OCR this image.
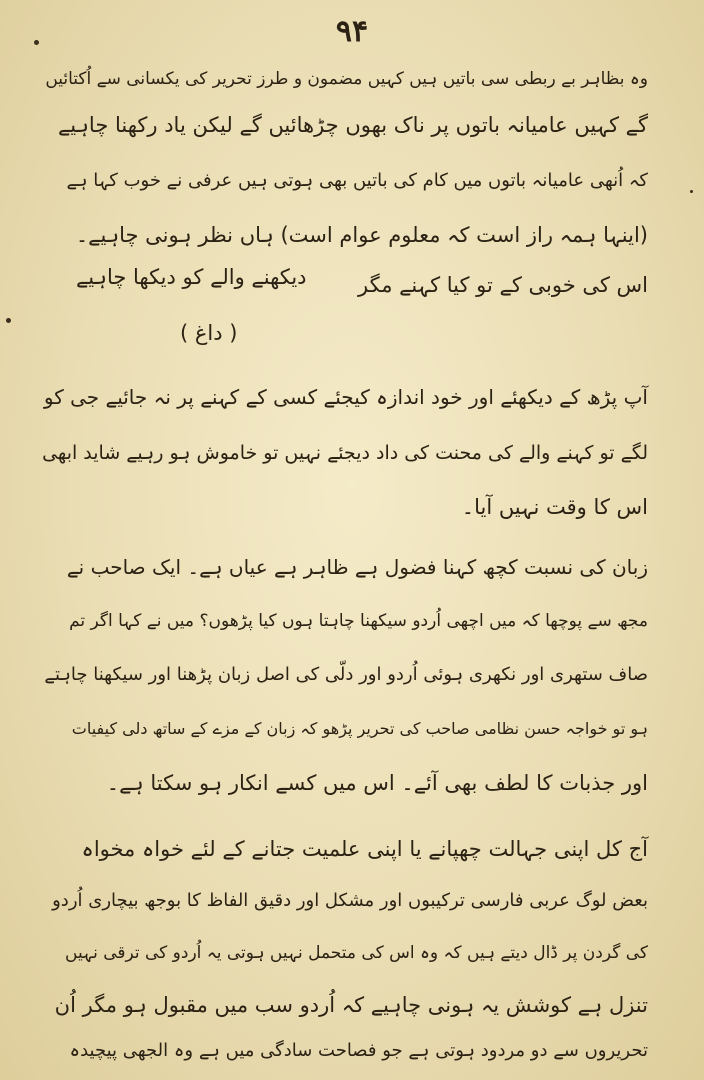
۹۴
وہ بظاہر بے ربطی سی باتیں ہیں کہیں مضمون و طرز تحریر کی یکسانی سے اُکتائیں
گے کہیں عامیانہ باتوں پر ناک بھوں چڑھائیں گے لیکن یاد رکھنا چاہیے
کہ اُنھی عامیانہ باتوں میں کام کی باتیں بھی ہوتی ہیں عرفی نے خوب کہا ہے
(اینہا ہمہ راز است کہ معلوم عوام است) ہاں نظر ہونی چاہیے۔
اس کی خوبی کے تو کیا کہنے مگر
دیکھنے والے کو دیکھا چاہیے
( داغ )
آپ پڑھ کے دیکھئے اور خود اندازہ کیجئے کسی کے کہنے پر نہ جائیے جی کو
لگے تو کہنے والے کی محنت کی داد دیجئے نہیں تو خاموش ہو رہیے شاید ابھی
اس کا وقت نہیں آیا۔
زبان کی نسبت کچھ کہنا فضول ہے ظاہر ہے عیاں ہے۔ ایک صاحب نے
مجھ سے پوچھا کہ میں اچھی اُردو سیکھنا چاہتا ہوں کیا پڑھوں؟ میں نے کہا اگر تم
صاف ستھری اور نکھری ہوئی اُردو اور دلّی کی اصل زبان پڑھنا اور سیکھنا چاہتے
ہو تو خواجہ حسن نظامی صاحب کی تحریر پڑھو کہ زبان کے مزے کے ساتھ دلی کیفیات
اور جذبات کا لطف بھی آئے۔ اس میں کسے انکار ہو سکتا ہے۔
آج کل اپنی جہالت چھپانے یا اپنی علمیت جتانے کے لئے خواہ مخواہ
بعض لوگ عربی فارسی ترکیبوں اور مشکل اور دقیق الفاظ کا بوجھ بیچاری اُردو
کی گردن پر ڈال دیتے ہیں کہ وہ اس کی متحمل نہیں ہوتی یہ اُردو کی ترقی نہیں
تنزل ہے کوشش یہ ہونی چاہیے کہ اُردو سب میں مقبول ہو مگر اُن
تحریروں سے دو مردود ہوتی ہے جو فصاحت سادگی میں ہے وہ الجھی پیچیدہ
